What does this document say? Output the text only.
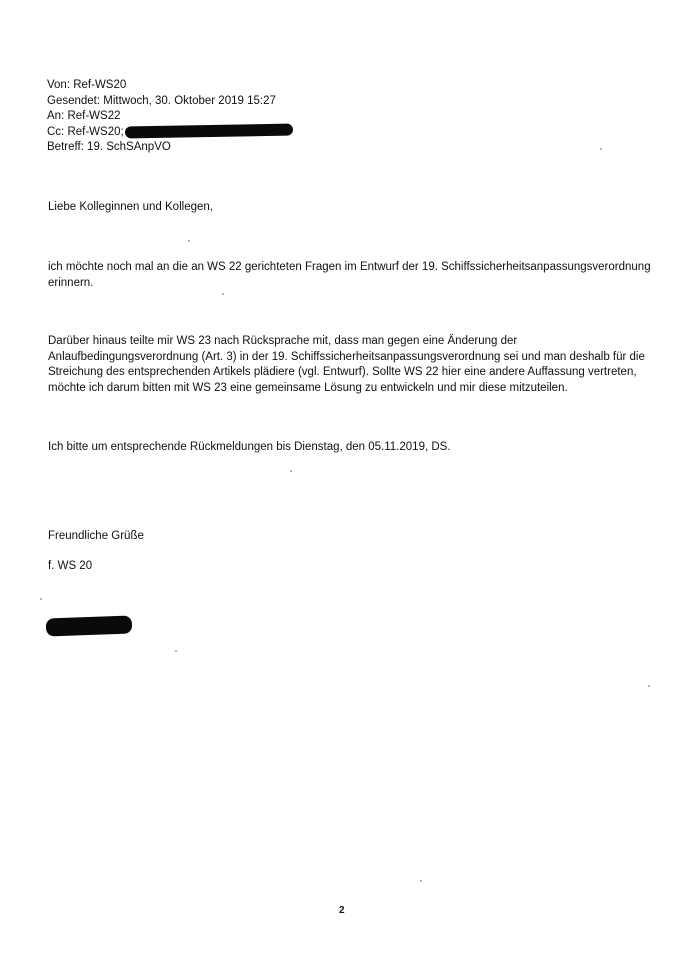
Von: Ref-WS20
Gesendet: Mittwoch, 30. Oktober 2019 15:27
An: Ref-WS22
Cc: Ref-WS20;
Betreff: 19. SchSAnpVO
Liebe Kolleginnen und Kollegen,
ich möchte noch mal an die an WS 22 gerichteten Fragen im Entwurf der 19. Schiffssicherheitsanpassungsverordnung erinnern.
Darüber hinaus teilte mir WS 23 nach Rücksprache mit, dass man gegen eine Änderung der Anlaufbedingungsverordnung (Art. 3) in der 19. Schiffssicherheitsanpassungsverordnung sei und man deshalb für die Streichung des entsprechenden Artikels plädiere (vgl. Entwurf). Sollte WS 22 hier eine andere Auffassung vertreten, möchte ich darum bitten mit WS 23 eine gemeinsame Lösung zu entwickeln und mir diese mitzuteilen.
Ich bitte um entsprechende Rückmeldungen bis Dienstag, den 05.11.2019, DS.
Freundliche Grüße
f. WS 20
2
